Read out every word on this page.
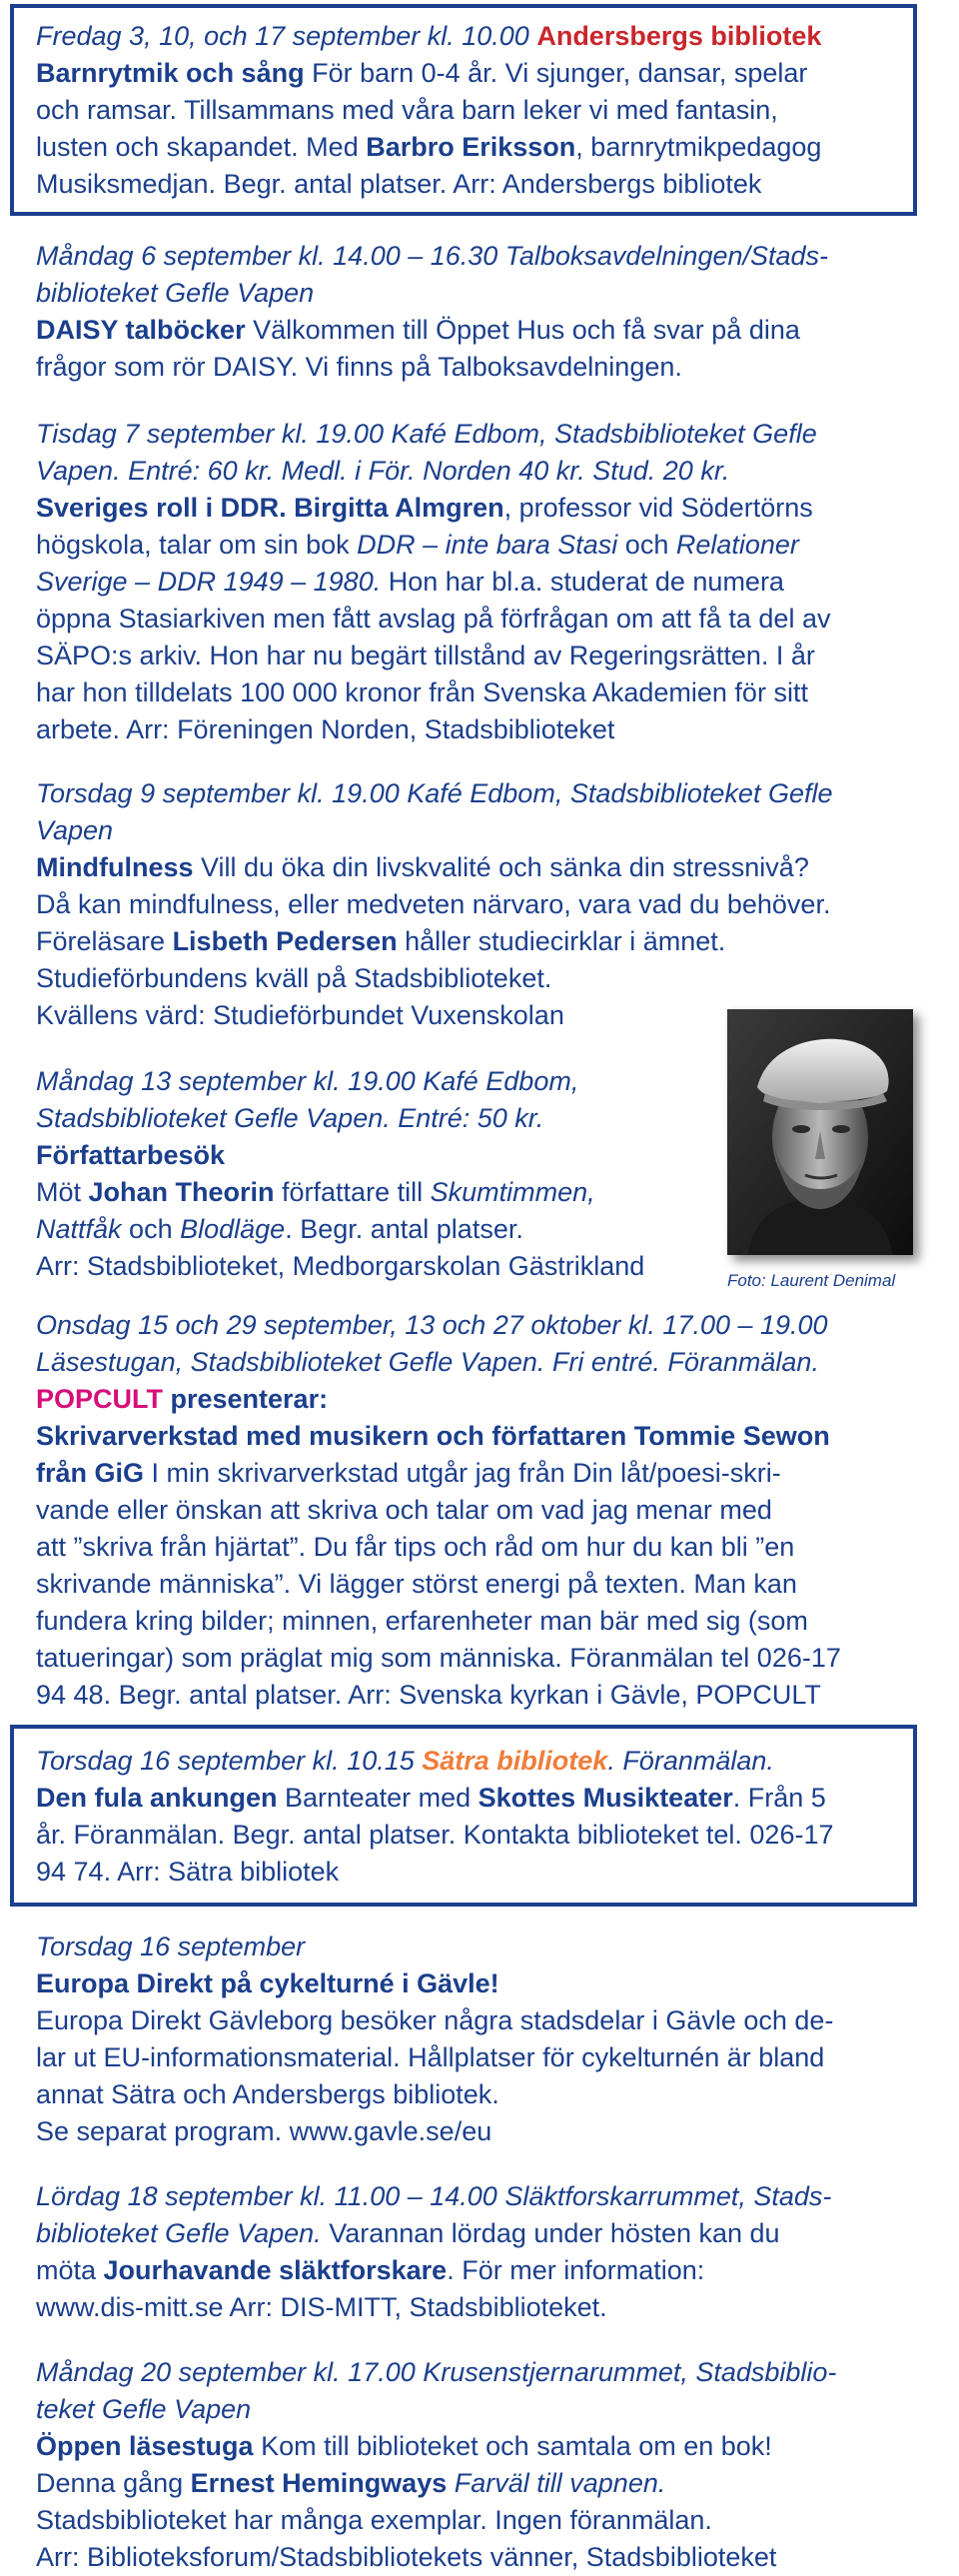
Fredag 3, 10, och 17 september kl. 10.00 Andersbergs bibliotek

Barnrytmik och sång För barn 0-4 år. Vi sjunger, dansar, spelar

och ramsar. Tillsammans med våra barn leker vi med fantasin,

lusten och skapandet. Med Barbro Eriksson, barnrytmikpedagog

Musiksmedjan. Begr. antal platser. Arr: Andersbergs bibliotek

Måndag 6 september kl. 14.00 – 16.30 Talboksavdelningen/Stads-

biblioteket Gefle Vapen

DAISY talböcker Välkommen till Öppet Hus och få svar på dina

frågor som rör DAISY. Vi finns på Talboksavdelningen.

Tisdag 7 september kl. 19.00 Kafé Edbom, Stadsbiblioteket Gefle

Vapen. Entré: 60 kr. Medl. i För. Norden 40 kr. Stud. 20 kr.

Sveriges roll i DDR. Birgitta Almgren, professor vid Södertörns

högskola, talar om sin bok DDR – inte bara Stasi och Relationer

Sverige – DDR 1949 – 1980. Hon har bl.a. studerat de numera

öppna Stasiarkiven men fått avslag på förfrågan om att få ta del av

SÄPO:s arkiv. Hon har nu begärt tillstånd av Regeringsrätten. I år

har hon tilldelats 100 000 kronor från Svenska Akademien för sitt

arbete. Arr: Föreningen Norden, Stadsbiblioteket

Torsdag 9 september kl. 19.00 Kafé Edbom, Stadsbiblioteket Gefle

Vapen

Mindfulness Vill du öka din livskvalité och sänka din stressnivå?

Då kan mindfulness, eller medveten närvaro, vara vad du behöver.

Föreläsare Lisbeth Pedersen håller studiecirklar i ämnet.

Studieförbundens kväll på Stadsbiblioteket.

Kvällens värd: Studieförbundet Vuxenskolan

Måndag 13 september kl. 19.00 Kafé Edbom,

Stadsbiblioteket Gefle Vapen. Entré: 50 kr.

Författarbesök

Möt Johan Theorin författare till Skumtimmen,

Nattfåk och Blodläge. Begr. antal platser.

Arr: Stadsbiblioteket, Medborgarskolan Gästrikland	Foto: Laurent Denimal

Onsdag 15 och 29 september, 13 och 27 oktober kl. 17.00 – 19.00

Läsestugan, Stadsbiblioteket Gefle Vapen. Fri entré. Föranmälan.

POPCULT presenterar:

Skrivarverkstad med musikern och författaren Tommie Sewon

från GiG I min skrivarverkstad utgår jag från Din låt/poesi-skri-

vande eller önskan att skriva och talar om vad jag menar med

att ”skriva från hjärtat”. Du får tips och råd om hur du kan bli ”en

skrivande människa”. Vi lägger störst energi på texten. Man kan

fundera kring bilder; minnen, erfarenheter man bär med sig (som

tatueringar) som präglat mig som människa. Föranmälan tel 026-17

94 48. Begr. antal platser. Arr: Svenska kyrkan i Gävle, POPCULT

Torsdag 16 september kl. 10.15 Sätra bibliotek. Föranmälan.

Den fula ankungen Barnteater med Skottes Musikteater. Från 5

år. Föranmälan. Begr. antal platser. Kontakta biblioteket tel. 026-17

94 74. Arr: Sätra bibliotek

Torsdag 16 september

Europa Direkt på cykelturné i Gävle!

Europa Direkt Gävleborg besöker några stadsdelar i Gävle och de-

lar ut EU-informationsmaterial. Hållplatser för cykelturnén är bland

annat Sätra och Andersbergs bibliotek.

Se separat program. www.gavle.se/eu

Lördag 18 september kl. 11.00 – 14.00 Släktforskarrummet, Stads-

biblioteket Gefle Vapen. Varannan lördag under hösten kan du

möta Jourhavande släktforskare. För mer information:

www.dis-mitt.se Arr: DIS-MITT, Stadsbiblioteket.

Måndag 20 september kl. 17.00 Krusenstjernarummet, Stadsbiblio-

teket Gefle Vapen

Öppen läsestuga Kom till biblioteket och samtala om en bok!

Denna gång Ernest Hemingways Farväl till vapnen.

Stadsbiblioteket har många exemplar. Ingen föranmälan.

Arr: Biblioteksforum/Stadsbibliotekets vänner, Stadsbiblioteket
